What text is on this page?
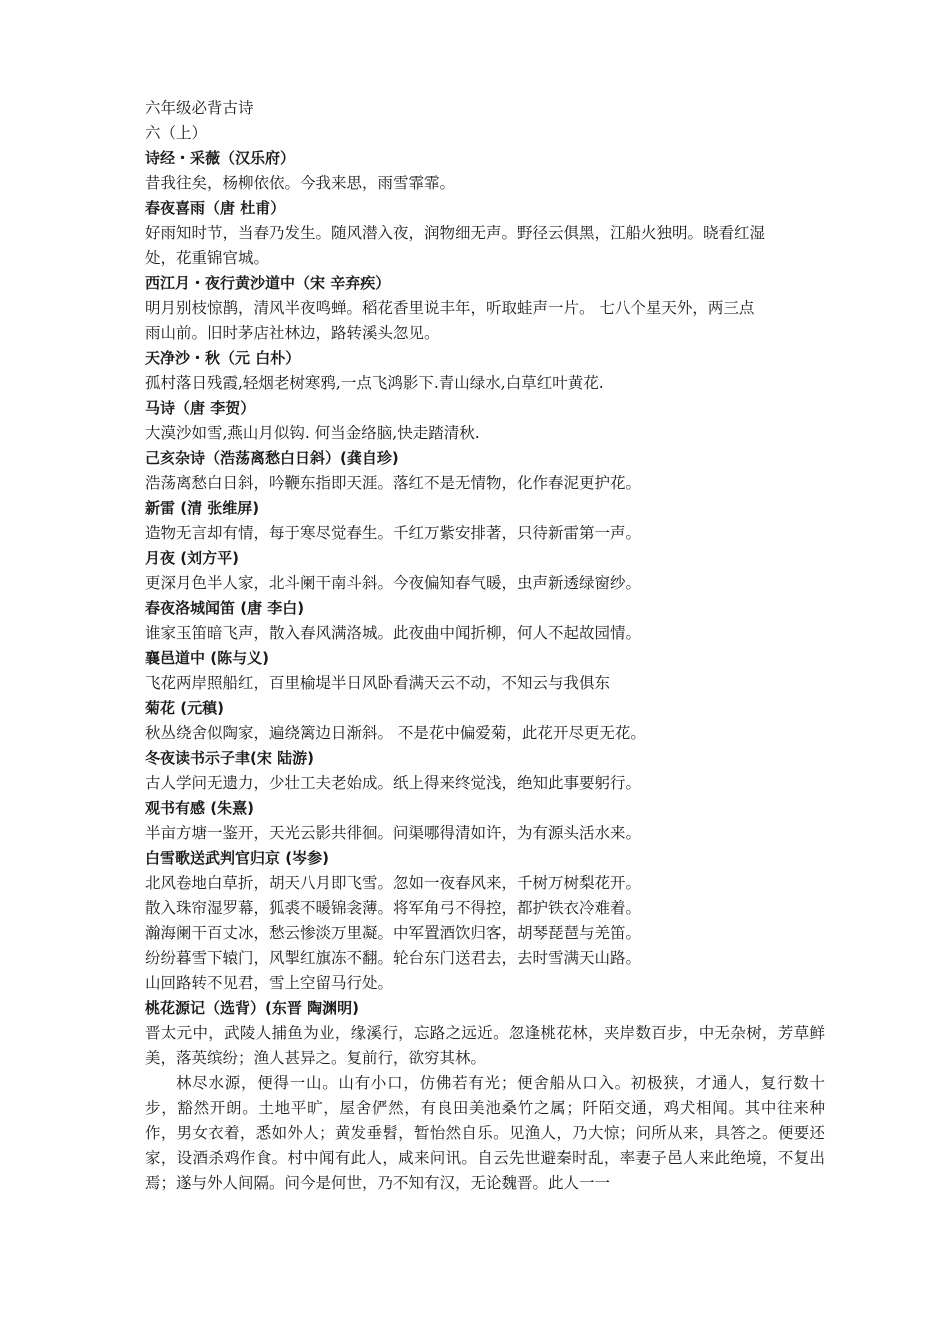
六年级必背古诗
六（上）
诗经・采薇（汉乐府）
昔我往矣，杨柳依依。今我来思，雨雪霏霏。
春夜喜雨（唐 杜甫）
好雨知时节，当春乃发生。随风潜入夜，润物细无声。野径云俱黑，江船火独明。晓看红湿
处，花重锦官城。
西江月・夜行黄沙道中（宋 辛弃疾）
明月别枝惊鹊，清风半夜鸣蝉。稻花香里说丰年，听取蛙声一片。 七八个星天外，两三点
雨山前。旧时茅店社林边，路转溪头忽见。
天净沙・秋（元 白朴）
孤村落日残霞,轻烟老树寒鸦,一点飞鸿影下.青山绿水,白草红叶黄花.
马诗（唐 李贺）
大漠沙如雪,燕山月似钩. 何当金络脑,快走踏清秋.
己亥杂诗（浩荡离愁白日斜）(龚自珍)
浩荡离愁白日斜，吟鞭东指即天涯。落红不是无情物，化作春泥更护花。
新雷 (清 张维屏)
造物无言却有情，每于寒尽觉春生。千红万紫安排著，只待新雷第一声。
月夜 (刘方平)
更深月色半人家，北斗阑干南斗斜。今夜偏知春气暖，虫声新透绿窗纱。
春夜洛城闻笛 (唐 李白)
谁家玉笛暗飞声，散入春风满洛城。此夜曲中闻折柳，何人不起故园情。
襄邑道中 (陈与义)
飞花两岸照船红，百里榆堤半日风卧看满天云不动，不知云与我俱东
菊花 (元稹)
秋丛绕舍似陶家，遍绕篱边日渐斜。 不是花中偏爱菊，此花开尽更无花。
冬夜读书示子聿(宋 陆游)
古人学问无遗力，少壮工夫老始成。纸上得来终觉浅，绝知此事要躬行。
观书有感 (朱熹)
半亩方塘一鉴开，天光云影共徘徊。问渠哪得清如许，为有源头活水来。
白雪歌送武判官归京 (岑参)
北风卷地白草折，胡天八月即飞雪。忽如一夜春风来，千树万树梨花开。
散入珠帘湿罗幕，狐裘不暖锦衾薄。将军角弓不得控，都护铁衣冷难着。
瀚海阑干百丈冰，愁云惨淡万里凝。中军置酒饮归客，胡琴琵琶与羌笛。
纷纷暮雪下辕门，风掣红旗冻不翻。轮台东门送君去，去时雪满天山路。
山回路转不见君，雪上空留马行处。
桃花源记（选背）(东晋 陶渊明)
晋太元中，武陵人捕鱼为业，缘溪行，忘路之远近。忽逢桃花林，夹岸数百步，中无杂树，芳草鲜美，落英缤纷；渔人甚异之。复前行，欲穷其林。
林尽水源，便得一山。山有小口，仿佛若有光；便舍船从口入。初极狭，才通人，复行数十步，豁然开朗。土地平旷，屋舍俨然，有良田美池桑竹之属；阡陌交通，鸡犬相闻。其中往来种作，男女衣着，悉如外人；黄发垂髫，暂怡然自乐。见渔人，乃大惊；问所从来，具答之。便要还家，设酒杀鸡作食。村中闻有此人，咸来问讯。自云先世避秦时乱，率妻子邑人来此绝境，不复出焉；遂与外人间隔。问今是何世，乃不知有汉，无论魏晋。此人一一
